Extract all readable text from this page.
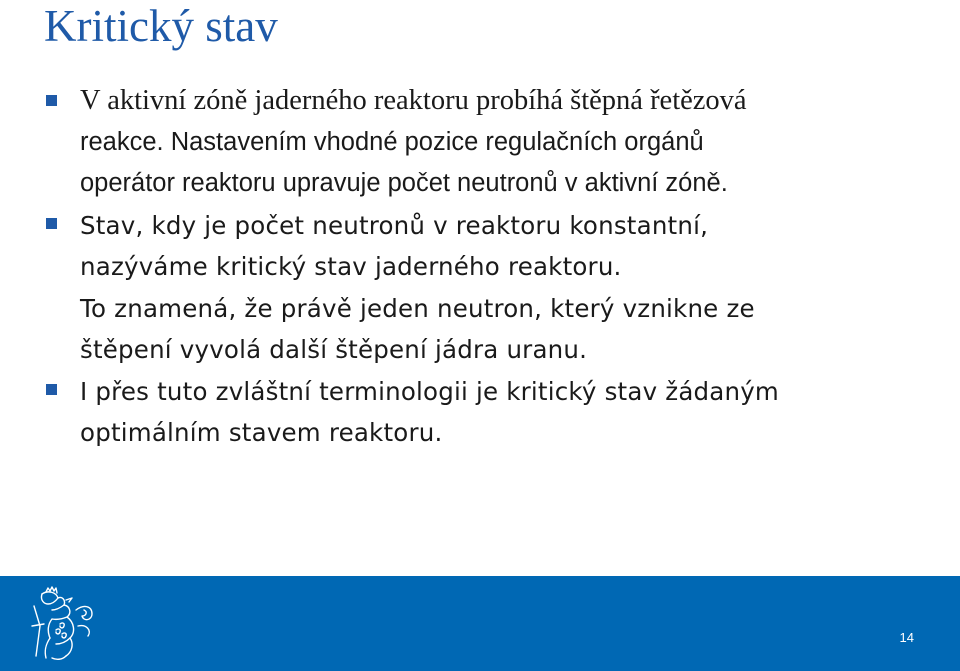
Kritický stav
V aktivní zóně jaderného reaktoru probíhá štěpná řetězová
reakce. Nastavením vhodné pozice regulačních orgánů
operátor reaktoru upravuje počet neutronů v aktivní zóně.
Stav, kdy je počet neutronů v reaktoru konstantní,
nazýváme kritický stav jaderného reaktoru.
To znamená, že právě jeden neutron, který vznikne ze
štěpení vyvolá další štěpení jádra uranu.
I přes tuto zvláštní terminologii je kritický stav žádaným
optimálním stavem reaktoru.
14
